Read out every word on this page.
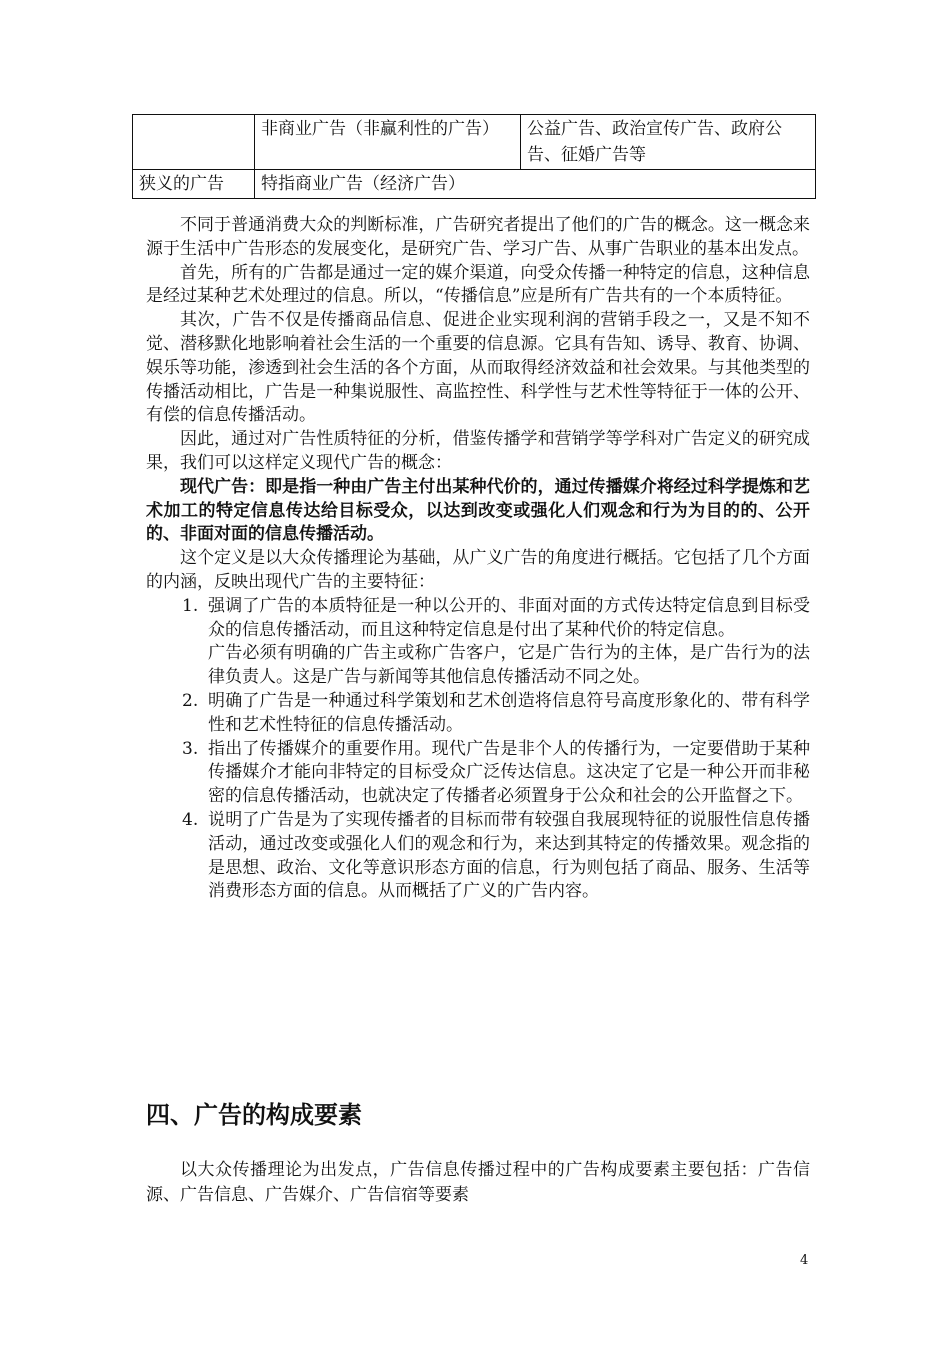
	非商业广告（非赢利性的广告）	公益广告、政治宣传广告、政府公告、征婚广告等
狭义的广告	特指商业广告（经济广告）	

不同于普通消费大众的判断标准，广告研究者提出了他们的广告的概念。这一概念来源于生活中广告形态的发展变化，是研究广告、学习广告、从事广告职业的基本出发点。

首先，所有的广告都是通过一定的媒介渠道，向受众传播一种特定的信息，这种信息是经过某种艺术处理过的信息。所以，“传播信息”应是所有广告共有的一个本质特征。

其次，广告不仅是传播商品信息、促进企业实现利润的营销手段之一，又是不知不觉、潜移默化地影响着社会生活的一个重要的信息源。它具有告知、诱导、教育、协调、娱乐等功能，渗透到社会生活的各个方面，从而取得经济效益和社会效果。与其他类型的传播活动相比，广告是一种集说服性、高监控性、科学性与艺术性等特征于一体的公开、有偿的信息传播活动。

因此，通过对广告性质特征的分析，借鉴传播学和营销学等学科对广告定义的研究成果，我们可以这样定义现代广告的概念：

现代广告：即是指一种由广告主付出某种代价的，通过传播媒介将经过科学提炼和艺术加工的特定信息传达给目标受众，以达到改变或强化人们观念和行为为目的的、公开的、非面对面的信息传播活动。

这个定义是以大众传播理论为基础，从广义广告的角度进行概括。它包括了几个方面的内涵，反映出现代广告的主要特征：

1. 强调了广告的本质特征是一种以公开的、非面对面的方式传达特定信息到目标受众的信息传播活动，而且这种特定信息是付出了某种代价的特定信息。
广告必须有明确的广告主或称广告客户，它是广告行为的主体，是广告行为的法律负责人。这是广告与新闻等其他信息传播活动不同之处。
2. 明确了广告是一种通过科学策划和艺术创造将信息符号高度形象化的、带有科学性和艺术性特征的信息传播活动。
3. 指出了传播媒介的重要作用。现代广告是非个人的传播行为，一定要借助于某种传播媒介才能向非特定的目标受众广泛传达信息。这决定了它是一种公开而非秘密的信息传播活动，也就决定了传播者必须置身于公众和社会的公开监督之下。
4. 说明了广告是为了实现传播者的目标而带有较强自我展现特征的说服性信息传播活动，通过改变或强化人们的观念和行为，来达到其特定的传播效果。观念指的是思想、政治、文化等意识形态方面的信息，行为则包括了商品、服务、生活等消费形态方面的信息。从而概括了广义的广告内容。
四、广告的构成要素

以大众传播理论为出发点，广告信息传播过程中的广告构成要素主要包括：广告信源、广告信息、广告媒介、广告信宿等要素

4
